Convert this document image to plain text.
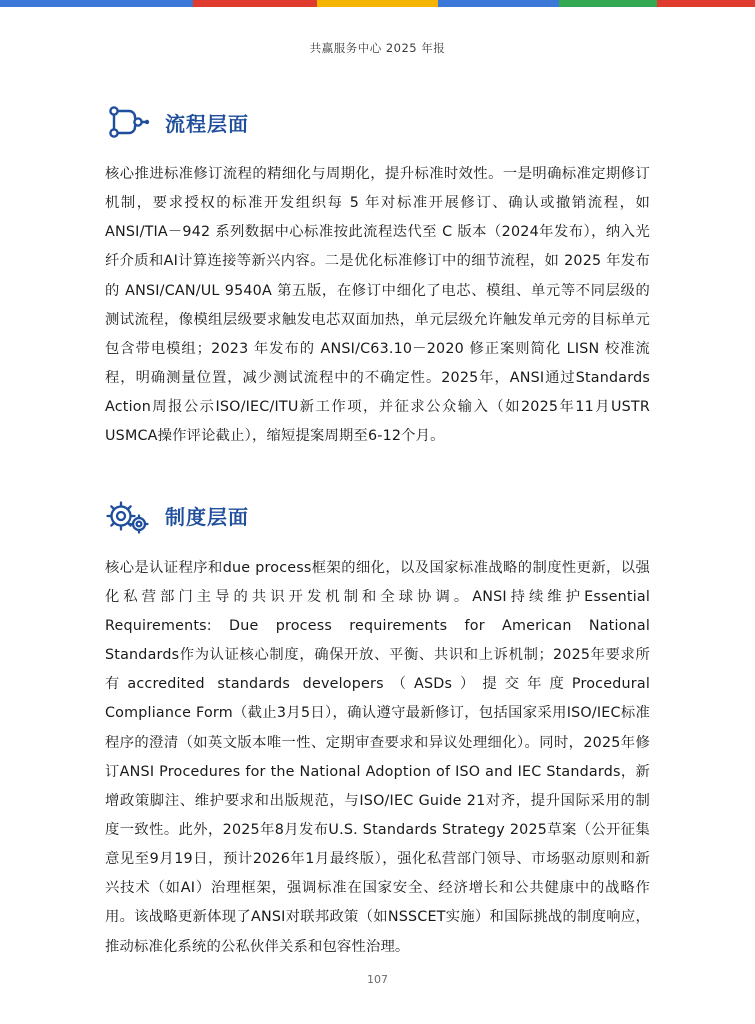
共赢服务中心 2025 年报
流程层面
核心推进标准修订流程的精细化与周期化，提升标准时效性。一是明确标准定期修订机制，要求授权的标准开发组织每 5 年对标准开展修订、确认或撤销流程，如 ANSI/TIA－942 系列数据中心标准按此流程迭代至 C 版本（2024年发布），纳入光纤介质和AI计算连接等新兴内容。二是优化标准修订中的细节流程，如 2025 年发布的 ANSI/CAN/UL 9540A 第五版，在修订中细化了电芯、模组、单元等不同层级的测试流程，像模组层级要求触发电芯双面加热，单元层级允许触发单元旁的目标单元包含带电模组；2023 年发布的 ANSI/C63.10－2020 修正案则简化 LISN 校准流程，明确测量位置，减少测试流程中的不确定性。2025年，ANSI通过Standards Action周报公示ISO/IEC/ITU新工作项，并征求公众输入（如2025年11月USTR USMCA操作评论截止），缩短提案周期至6-12个月。
制度层面
核心是认证程序和due process框架的细化，以及国家标准战略的制度性更新，以强化私营部门主导的共识开发机制和全球协调。ANSI持续维护Essential Requirements: Due process requirements for American National Standards作为认证核心制度，确保开放、平衡、共识和上诉机制；2025年要求所有accredited standards developers（ASDs）提交年度Procedural Compliance Form（截止3月5日），确认遵守最新修订，包括国家采用ISO/IEC标准程序的澄清（如英文版本唯一性、定期审查要求和异议处理细化）。同时，2025年修订ANSI Procedures for the National Adoption of ISO and IEC Standards，新增政策脚注、维护要求和出版规范，与ISO/IEC Guide 21对齐，提升国际采用的制度一致性。此外，2025年8月发布U.S. Standards Strategy 2025草案（公开征集意见至9月19日，预计2026年1月最终版），强化私营部门领导、市场驱动原则和新兴技术（如AI）治理框架，强调标准在国家安全、经济增长和公共健康中的战略作用。该战略更新体现了ANSI对联邦政策（如NSSCET实施）和国际挑战的制度响应，推动标准化系统的公私伙伴关系和包容性治理。
107
